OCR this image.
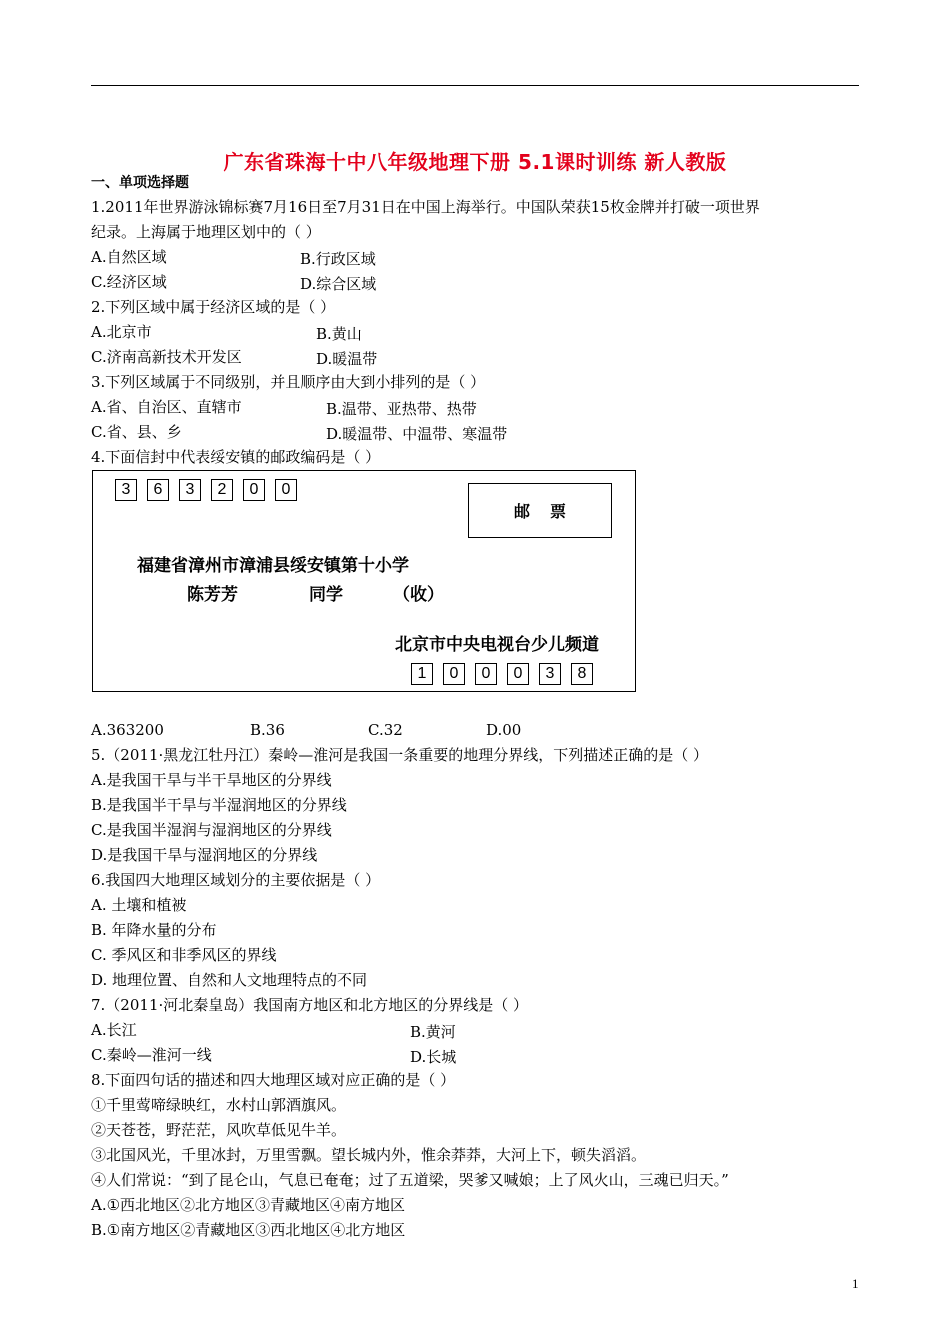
广东省珠海十中八年级地理下册 5.1课时训练 新人教版
一、单项选择题
1.2011年世界游泳锦标赛7月16日至7月31日在中国上海举行。中国队荣获15枚金牌并打破一项世界
纪录。上海属于地理区划中的（ ）
A.自然区域	B.行政区域
C.经济区域	D.综合区域
2.下列区域中属于经济区域的是（ ）
A.北京市	B.黄山
C.济南高新技术开发区	D.暖温带
3.下列区域属于不同级别，并且顺序由大到小排列的是（ ）
A.省、自治区、直辖市	B.温带、亚热带、热带
C.省、县、乡	D.暖温带、中温带、寒温带
4.下面信封中代表绥安镇的邮政编码是（ ）
3	6	3	2	0	0
邮票
福建省漳州市漳浦县绥安镇第十小学
陈芳芳	同学	（收）
北京市中央电视台少儿频道
1	0	0	0	3	8
A.363200	B.36	C.32	D.00
5.（2011·黑龙江牡丹江）秦岭—淮河是我国一条重要的地理分界线，下列描述正确的是（ ）
A.是我国干旱与半干旱地区的分界线
B.是我国半干旱与半湿润地区的分界线
C.是我国半湿润与湿润地区的分界线
D.是我国干旱与湿润地区的分界线
6.我国四大地理区域划分的主要依据是（ ）
A. 土壤和植被
B. 年降水量的分布
C. 季风区和非季风区的界线
D. 地理位置、自然和人文地理特点的不同
7.（2011·河北秦皇岛）我国南方地区和北方地区的分界线是（ ）
A.长江	B.黄河
C.秦岭—淮河一线	D.长城
8.下面四句话的描述和四大地理区域对应正确的是（ ）
①千里莺啼绿映红，水村山郭酒旗风。
②天苍苍，野茫茫，风吹草低见牛羊。
③北国风光，千里冰封，万里雪飘。望长城内外，惟余莽莽，大河上下，顿失滔滔。
④人们常说：“到了昆仑山，气息已奄奄；过了五道梁，哭爹又喊娘；上了风火山，三魂已归天。”
A.①西北地区②北方地区③青藏地区④南方地区
B.①南方地区②青藏地区③西北地区④北方地区
1
